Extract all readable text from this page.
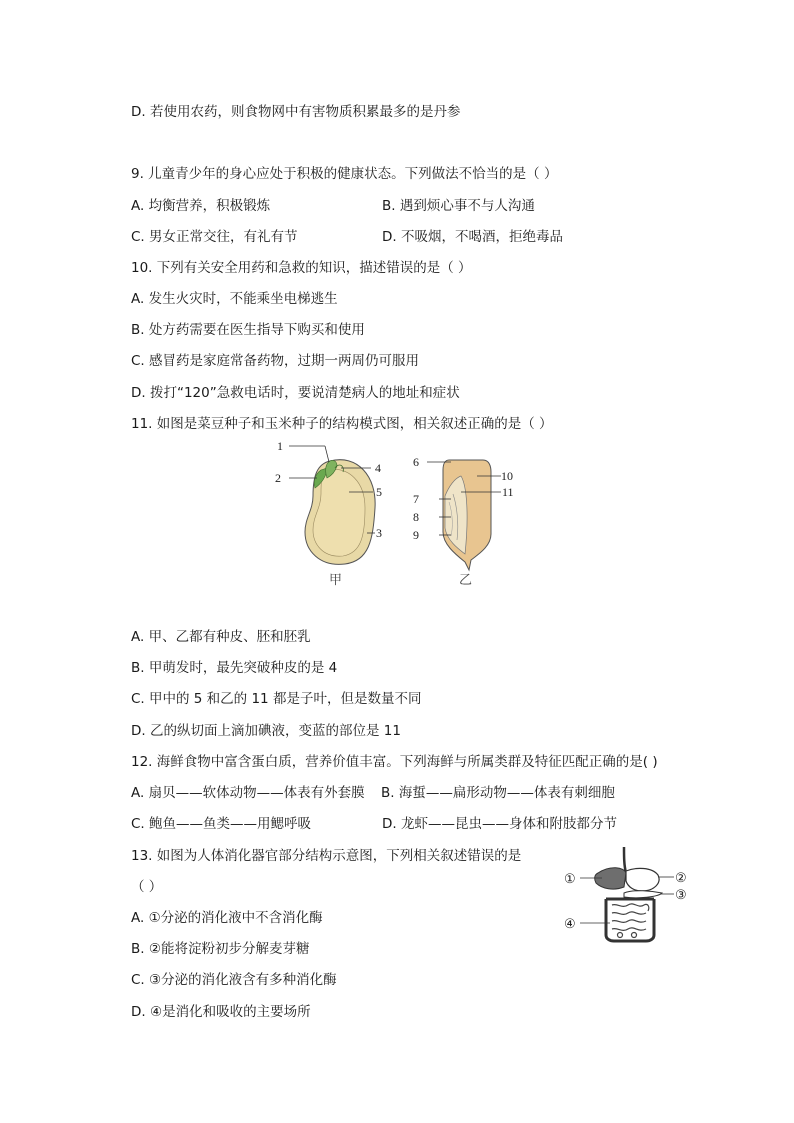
D. 若使用农药，则食物网中有害物质积累最多的是丹参
9. 儿童青少年的身心应处于积极的健康状态。下列做法不恰当的是（ ）
A. 均衡营养，积极锻炼	B. 遇到烦心事不与人沟通
C. 男女正常交往，有礼有节	D. 不吸烟，不喝酒，拒绝毒品
10. 下列有关安全用药和急救的知识，描述错误的是（ ）
A. 发生火灾时，不能乘坐电梯逃生
B. 处方药需要在医生指导下购买和使用
C. 感冒药是家庭常备药物，过期一两周仍可服用
D. 拨打“120”急救电话时，要说清楚病人的地址和症状
11. 如图是菜豆种子和玉米种子的结构模式图，相关叙述正确的是（ ）
1
2
4
5
3
甲
6
10
7	11
8
9
乙
A. 甲、乙都有种皮、胚和胚乳
B. 甲萌发时，最先突破种皮的是 4
C. 甲中的 5 和乙的 11 都是子叶，但是数量不同
D. 乙的纵切面上滴加碘液，变蓝的部位是 11
12. 海鲜食物中富含蛋白质，营养价值丰富。下列海鲜与所属类群及特征匹配正确的是( )
A. 扇贝——软体动物——体表有外套膜 B. 海蜇——扁形动物——体表有刺细胞
C. 鲍鱼——鱼类——用鳃呼吸	D. 龙虾——昆虫——身体和附肢都分节
13. 如图为人体消化器官部分结构示意图，下列相关叙述错误的是
（ ）
A. ①分泌的消化液中不含消化酶
B. ②能将淀粉初步分解麦芽糖
C. ③分泌的消化液含有多种消化酶
D. ④是消化和吸收的主要场所
①	②
③
④
